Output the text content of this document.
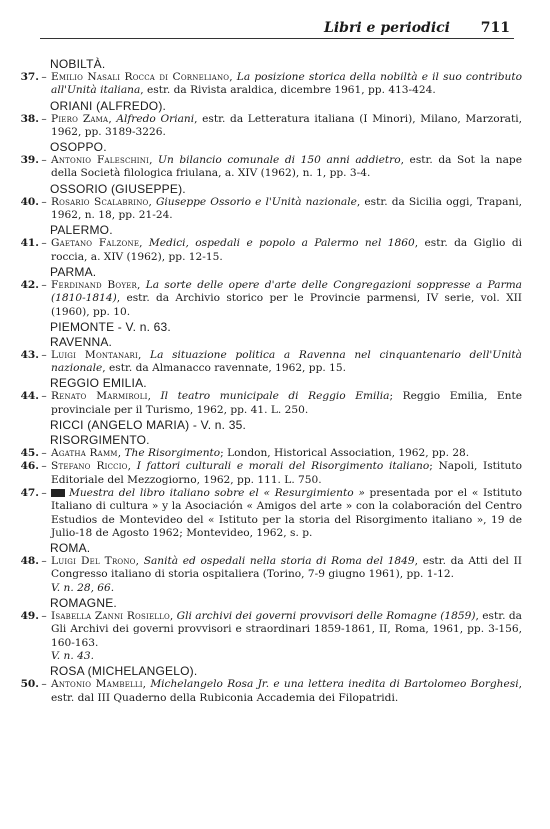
Libri e periodici 711
NOBILTÀ.
37. – Emilio Nasali Rocca di Corneliano, La posizione storica della nobiltà e il suo contributo all'Unità italiana, estr. da Rivista araldica, dicembre 1961, pp. 413-424.
ORIANI (ALFREDO).
38. – Piero Zama, Alfredo Oriani, estr. da Letteratura italiana (I Minori), Milano, Marzorati, 1962, pp. 3189-3226.
OSOPPO.
39. – Antonio Faleschini, Un bilancio comunale di 150 anni addietro, estr. da Sot la nape della Società filologica friulana, a. XIV (1962), n. 1, pp. 3-4.
OSSORIO (GIUSEPPE).
40. – Rosario Scalabrino, Giuseppe Ossorio e l'Unità nazionale, estr. da Sicilia oggi, Trapani, 1962, n. 18, pp. 21-24.
PALERMO.
41. – Gaetano Falzone, Medici, ospedali e popolo a Palermo nel 1860, estr. da Giglio di roccia, a. XIV (1962), pp. 12-15.
PARMA.
42. – Ferdinand Boyer, La sorte delle opere d'arte delle Congregazioni soppresse a Parma (1810-1814), estr. da Archivio storico per le Provincie parmensi, IV serie, vol. XII (1960), pp. 10.
PIEMONTE - V. n. 63.
RAVENNA.
43. – Luigi Montanari, La situazione politica a Ravenna nel cinquantenario dell'Unità nazionale, estr. da Almanacco ravennate, 1962, pp. 15.
REGGIO EMILIA.
44. – Renato Marmiroli, Il teatro municipale di Reggio Emilia; Reggio Emilia, Ente provinciale per il Turismo, 1962, pp. 41. L. 250.
RICCI (ANGELO MARIA) - V. n. 35.
RISORGIMENTO.
45. – Agatha Ramm, The Risorgimento; London, Historical Association, 1962, pp. 28.
46. – Stefano Riccio, I fattori culturali e morali del Risorgimento italiano; Napoli, Istituto Editoriale del Mezzogiorno, 1962, pp. 111. L. 750.
47. –	Muestra del libro italiano sobre el « Resurgimiento » presentada por el « Istituto Italiano di cultura » y la Asociación « Amigos del arte » con la colaboración del Centro Estudios de Montevideo del « Istituto per la storia del Risorgimento italiano », 19 de Julio-18 de Agosto 1962; Montevideo, 1962, s. p.
ROMA.
48. – Luigi Del Trono, Sanità ed ospedali nella storia di Roma del 1849, estr. da Atti del II Congresso italiano di storia ospitaliera (Torino, 7-9 giugno 1961), pp. 1-12.
V. n. 28, 66.
ROMAGNE.
49. – Isabella Zanni Rosiello, Gli archivi dei governi provvisori delle Romagne (1859), estr. da Gli Archivi dei governi provvisori e straordinari 1859-1861, II, Roma, 1961, pp. 3-156, 160-163.
V. n. 43.
ROSA (MICHELANGELO).
50. – Antonio Mambelli, Michelangelo Rosa Jr. e una lettera inedita di Bartolomeo Borghesi, estr. dal III Quaderno della Rubiconia Accademia dei Filopatridi.
